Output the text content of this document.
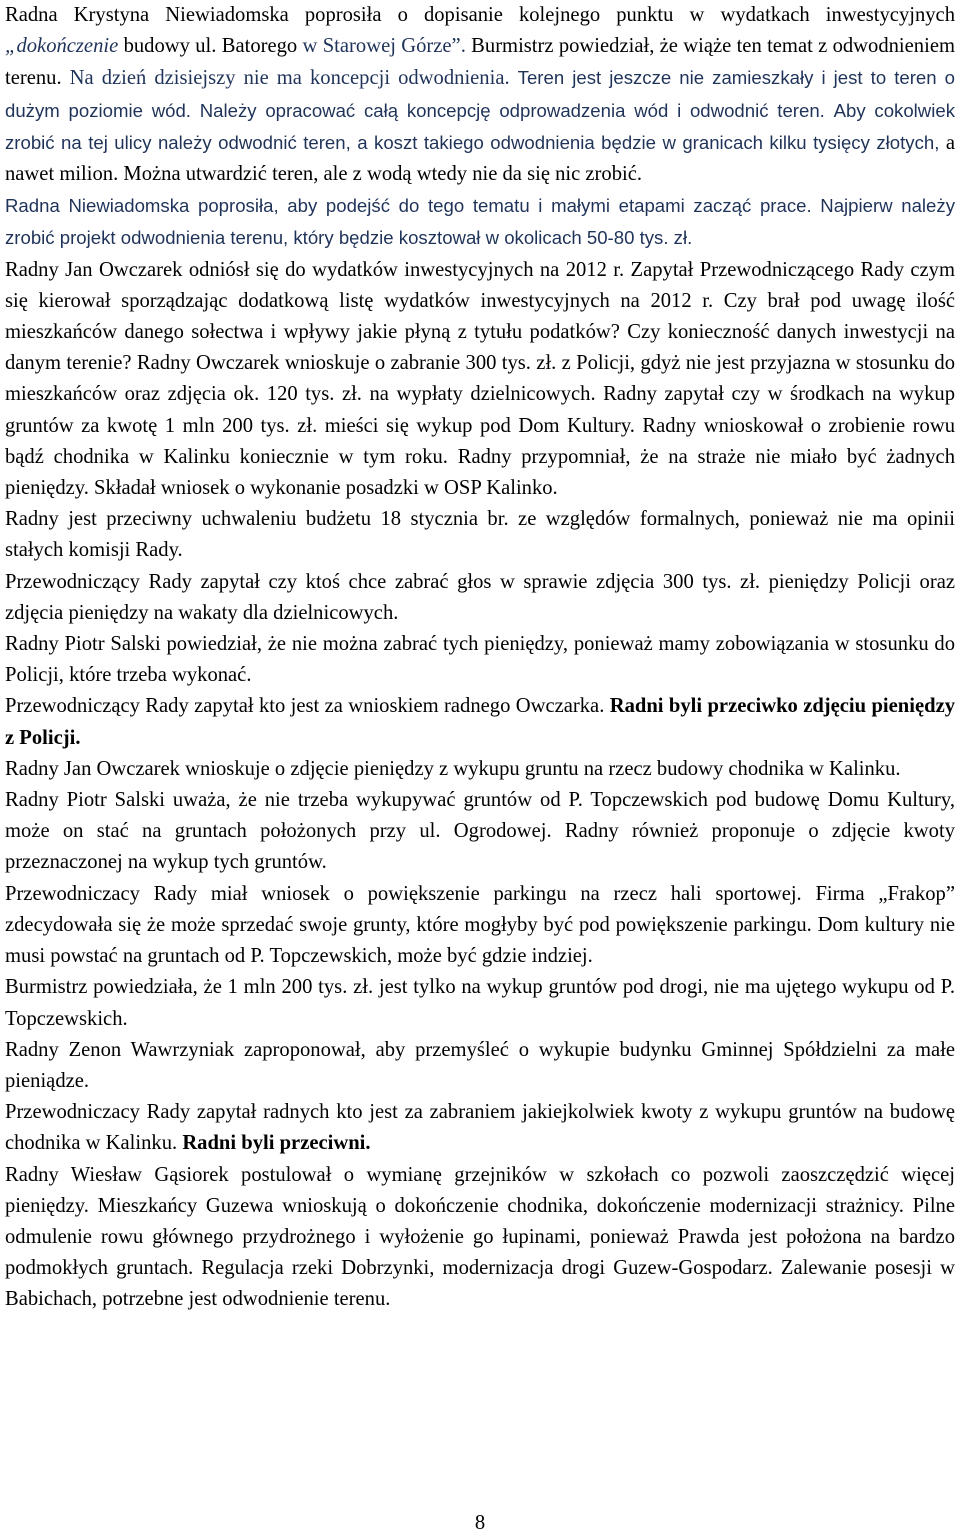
Radna Krystyna Niewiadomska poprosiła o dopisanie kolejnego punktu w wydatkach inwestycyjnych „dokończenie budowy ul. Batorego w Starowej Górze”. Burmistrz powiedział, że wiąże ten temat z odwodnieniem terenu. Na dzień dzisiejszy nie ma koncepcji odwodnienia. Teren jest jeszcze nie zamieszkały i jest to teren o dużym poziomie wód. Należy opracować całą koncepcję odprowadzenia wód i odwodnić teren. Aby cokolwiek zrobić na tej ulicy należy odwodnić teren, a koszt takiego odwodnienia będzie w granicach kilku tysięcy złotych, a nawet milion. Można utwardzić teren, ale z wodą wtedy nie da się nic zrobić.

Radna Niewiadomska poprosiła, aby podejść do tego tematu i małymi etapami zacząć prace. Najpierw należy zrobić projekt odwodnienia terenu, który będzie kosztował w okolicach 50-80 tys. zł.

Radny Jan Owczarek odniósł się do wydatków inwestycyjnych na 2012 r. Zapytał Przewodniczącego Rady czym się kierował sporządzając dodatkową listę wydatków inwestycyjnych na 2012 r. Czy brał pod uwagę ilość mieszkańców danego sołectwa i wpływy jakie płyną z tytułu podatków? Czy konieczność danych inwestycji na danym terenie? Radny Owczarek wnioskuje o zabranie 300 tys. zł. z Policji, gdyż nie jest przyjazna w stosunku do mieszkańców oraz zdjęcia ok. 120 tys. zł. na wypłaty dzielnicowych. Radny zapytał czy w środkach na wykup gruntów za kwotę 1 mln 200 tys. zł. mieści się wykup pod Dom Kultury. Radny wnioskował o zrobienie rowu bądź chodnika w Kalinku koniecznie w tym roku. Radny przypomniał, że na straże nie miało być żadnych pieniędzy. Składał wniosek o wykonanie posadzki w OSP Kalinko.

Radny jest przeciwny uchwaleniu budżetu 18 stycznia br. ze względów formalnych, ponieważ nie ma opinii stałych komisji Rady.

Przewodniczący Rady zapytał czy ktoś chce zabrać głos w sprawie zdjęcia 300 tys. zł. pieniędzy Policji oraz zdjęcia pieniędzy na wakaty dla dzielnicowych.

Radny Piotr Salski powiedział, że nie można zabrać tych pieniędzy, ponieważ mamy zobowiązania w stosunku do Policji, które trzeba wykonać.

Przewodniczący Rady zapytał kto jest za wnioskiem radnego Owczarka. Radni byli przeciwko zdjęciu pieniędzy z Policji.

Radny Jan Owczarek wnioskuje o zdjęcie pieniędzy z wykupu gruntu na rzecz budowy chodnika w Kalinku.

Radny Piotr Salski uważa, że nie trzeba wykupywać gruntów od P. Topczewskich pod budowę Domu Kultury, może on stać na gruntach położonych przy ul. Ogrodowej. Radny również proponuje o zdjęcie kwoty przeznaczonej na wykup tych gruntów.

Przewodniczacy Rady miał wniosek o powiększenie parkingu na rzecz hali sportowej. Firma „Frakop” zdecydowała się że może sprzedać swoje grunty, które mogłyby być pod powiększenie parkingu. Dom kultury nie musi powstać na gruntach od P. Topczewskich, może być gdzie indziej.

Burmistrz powiedziała, że 1 mln 200 tys. zł. jest tylko na wykup gruntów pod drogi, nie ma ujętego wykupu od P. Topczewskich.

Radny Zenon Wawrzyniak zaproponował, aby przemyśleć o wykupie budynku Gminnej Spółdzielni za małe pieniądze.

Przewodniczacy Rady zapytał radnych kto jest za zabraniem jakiejkolwiek kwoty z wykupu gruntów na budowę chodnika w Kalinku. Radni byli przeciwni.

Radny Wiesław Gąsiorek postulował o wymianę grzejników w szkołach co pozwoli zaoszczędzić więcej pieniędzy. Mieszkańcy Guzewa wnioskują o dokończenie chodnika, dokończenie modernizacji strażnicy. Pilne odmulenie rowu głównego przydrożnego i wyłożenie go łupinami, ponieważ Prawda jest położona na bardzo podmokłych gruntach. Regulacja rzeki Dobrzynki, modernizacja drogi Guzew-Gospodarz. Zalewanie posesji w Babichach, potrzebne jest odwodnienie terenu.

8
